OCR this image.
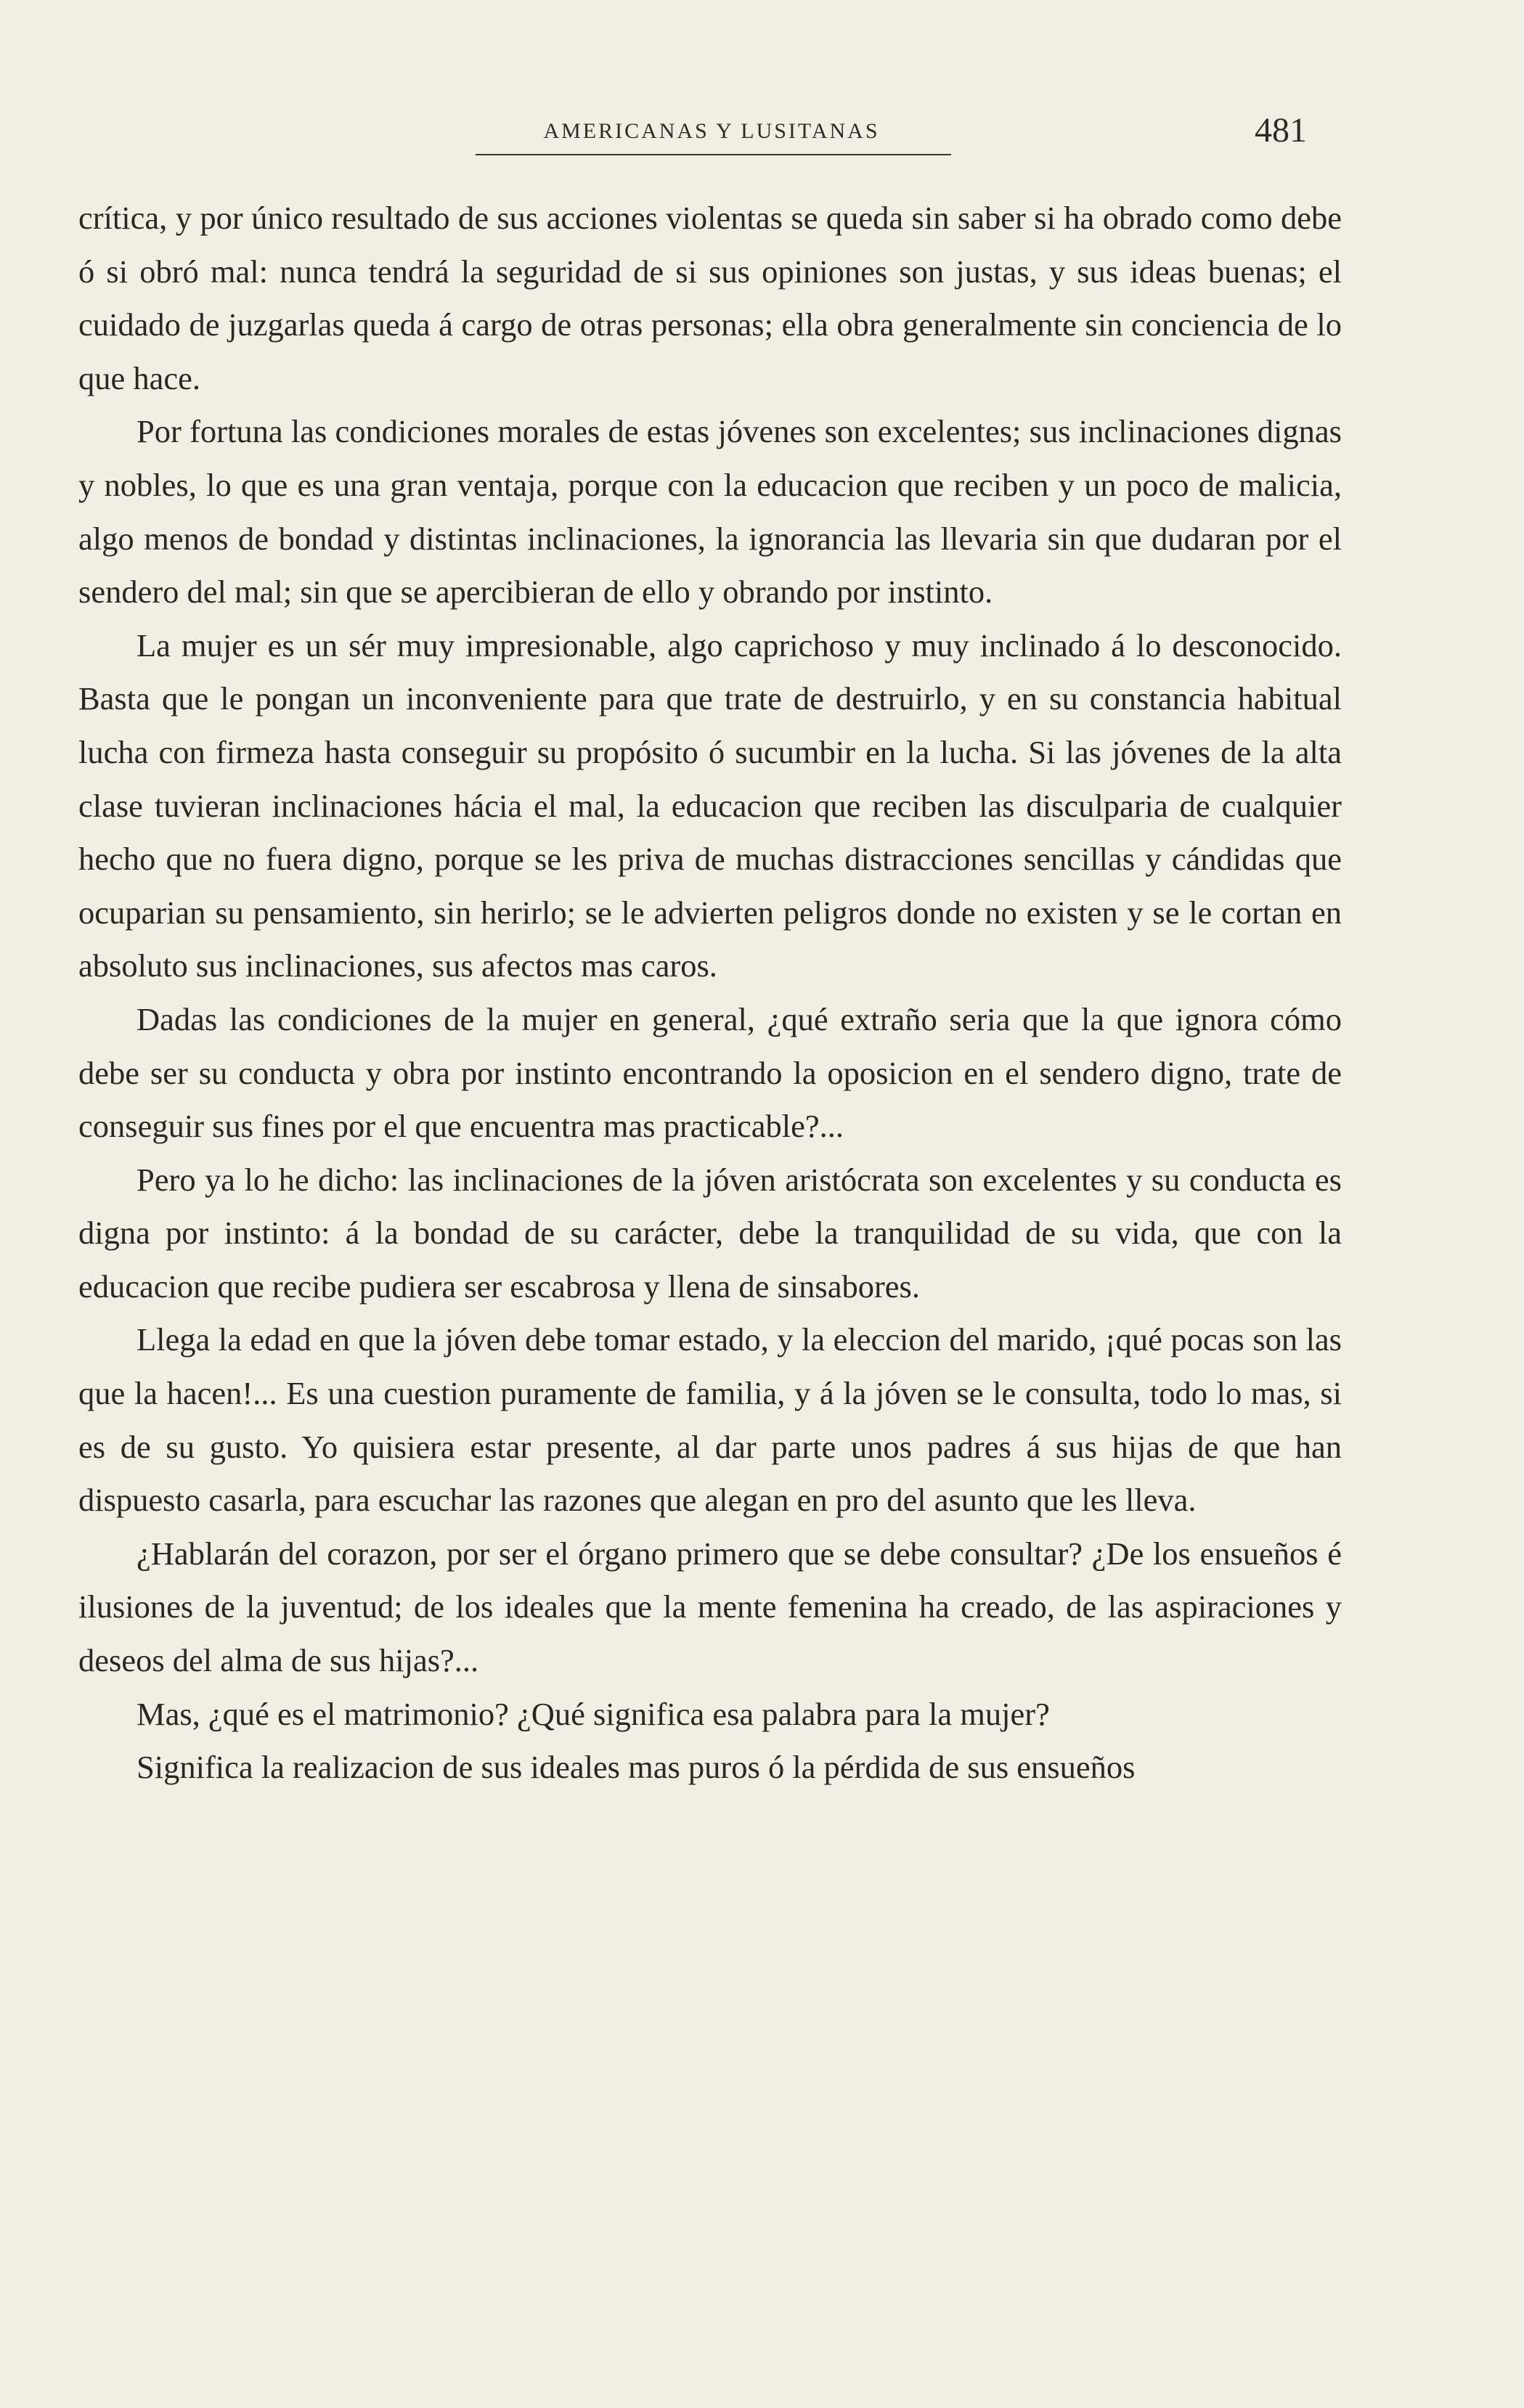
AMERICANAS Y LUSITANAS	481

crítica, y por único resultado de sus acciones violentas se queda sin saber si ha obrado como debe ó si obró mal: nunca tendrá la seguridad de si sus opiniones son justas, y sus ideas buenas; el cuidado de juzgarlas queda á cargo de otras personas; ella obra generalmente sin conciencia de lo que hace.

Por fortuna las condiciones morales de estas jóvenes son excelentes; sus inclinaciones dignas y nobles, lo que es una gran ventaja, porque con la educacion que reciben y un poco de malicia, algo menos de bondad y distintas inclinaciones, la ignorancia las llevaria sin que dudaran por el sendero del mal; sin que se apercibieran de ello y obrando por instinto.

La mujer es un sér muy impresionable, algo caprichoso y muy inclinado á lo desconocido. Basta que le pongan un inconveniente para que trate de destruirlo, y en su constancia habitual lucha con firmeza hasta conseguir su propósito ó sucumbir en la lucha. Si las jóvenes de la alta clase tuvieran inclinaciones hácia el mal, la educacion que reciben las disculparia de cualquier hecho que no fuera digno, porque se les priva de muchas distracciones sencillas y cándidas que ocuparian su pensamiento, sin herirlo; se le advierten peligros donde no existen y se le cortan en absoluto sus inclinaciones, sus afectos mas caros.

Dadas las condiciones de la mujer en general, ¿qué extraño seria que la que ignora cómo debe ser su conducta y obra por instinto encontrando la oposicion en el sendero digno, trate de conseguir sus fines por el que encuentra mas practicable?...

Pero ya lo he dicho: las inclinaciones de la jóven aristócrata son excelentes y su conducta es digna por instinto: á la bondad de su carácter, debe la tranquilidad de su vida, que con la educacion que recibe pudiera ser escabrosa y llena de sinsabores.

Llega la edad en que la jóven debe tomar estado, y la eleccion del marido, ¡qué pocas son las que la hacen!... Es una cuestion puramente de familia, y á la jóven se le consulta, todo lo mas, si es de su gusto. Yo quisiera estar presente, al dar parte unos padres á sus hijas de que han dispuesto casarla, para escuchar las razones que alegan en pro del asunto que les lleva.

¿Hablarán del corazon, por ser el órgano primero que se debe consultar? ¿De los ensueños é ilusiones de la juventud; de los ideales que la mente femenina ha creado, de las aspiraciones y deseos del alma de sus hijas?...

Mas, ¿qué es el matrimonio? ¿Qué significa esa palabra para la mujer?

Significa la realizacion de sus ideales mas puros ó la pérdida de sus ensueños
